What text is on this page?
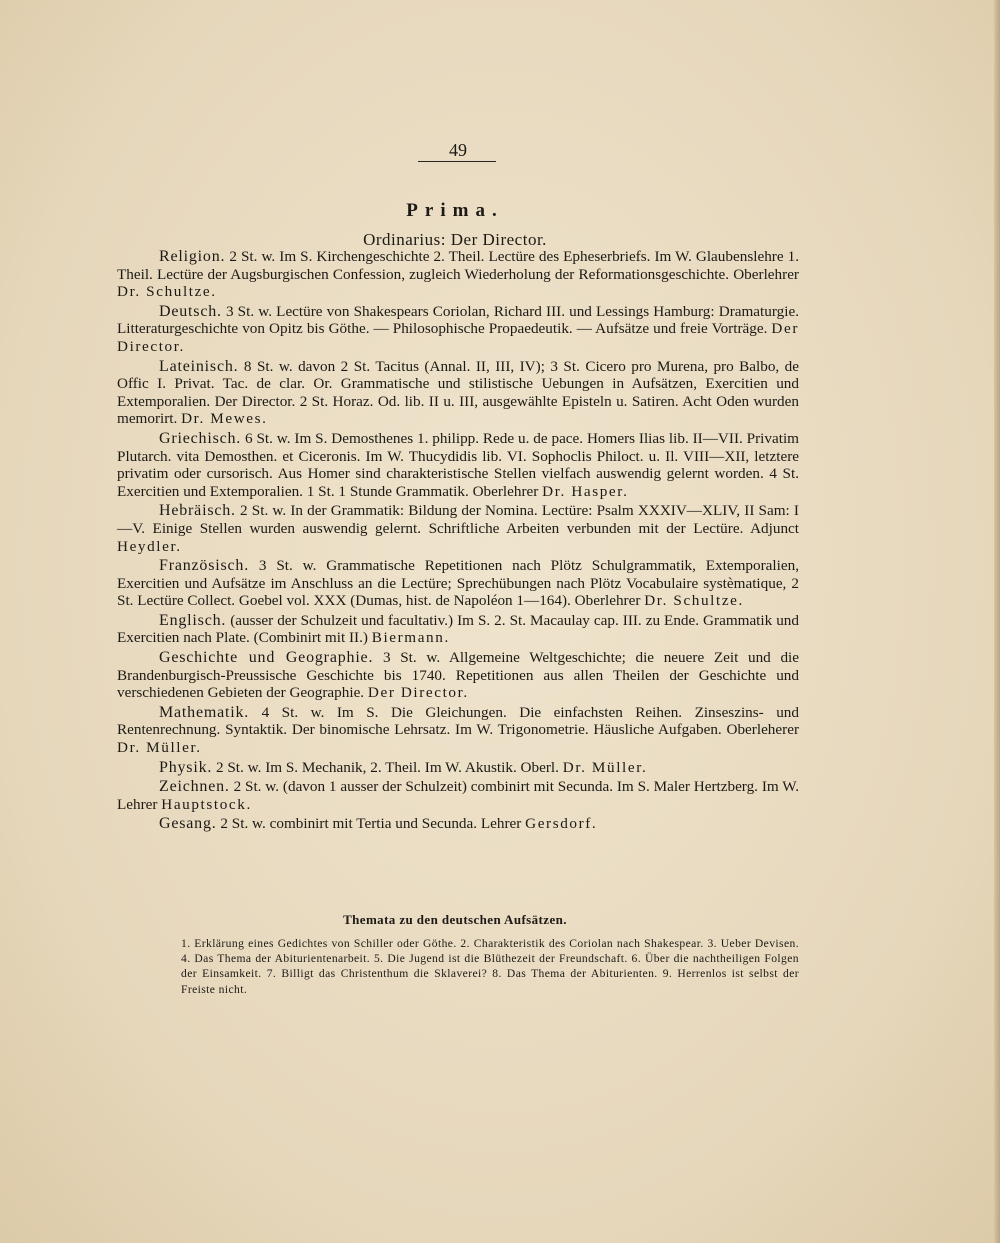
49
Prima.
Ordinarius: Der Director.

Religion. 2 St. w. Im S. Kirchengeschichte 2. Theil. Lectüre des Epheserbriefs. Im W. Glaubenslehre 1. Theil. Lectüre der Augsburgischen Confession, zugleich Wiederholung der Reformationsgeschichte. Oberlehrer Dr. Schultze.

Deutsch. 3 St. w. Lectüre von Shakespears Coriolan, Richard III. und Lessings Hamburg: Dramaturgie. Litteraturgeschichte von Opitz bis Göthe. — Philosophische Propaedeutik. — Aufsätze und freie Vorträge. Der Director.

Lateinisch. 8 St. w. davon 2 St. Tacitus (Annal. II, III, IV); 3 St. Cicero pro Murena, pro Balbo, de Offic I. Privat. Tac. de clar. Or. Grammatische und stilistische Uebungen in Aufsätzen, Exercitien und Extemporalien. Der Director. 2 St. Horaz. Od. lib. II u. III, ausgewählte Episteln u. Satiren. Acht Oden wurden memorirt. Dr. Mewes.

Griechisch. 6 St. w. Im S. Demosthenes 1. philipp. Rede u. de pace. Homers Ilias lib. II—VII. Privatim Plutarch. vita Demosthen. et Ciceronis. Im W. Thucydidis lib. VI. Sophoclis Philoct. u. Il. VIII—XII, letztere privatim oder cursorisch. Aus Homer sind charakteristische Stellen vielfach auswendig gelernt worden. 4 St. Exercitien und Extemporalien. 1 St. 1 Stunde Grammatik. Oberlehrer Dr. Hasper.

Hebräisch. 2 St. w. In der Grammatik: Bildung der Nomina. Lectüre: Psalm XXXIV—XLIV, II Sam: I—V. Einige Stellen wurden auswendig gelernt. Schriftliche Arbeiten verbunden mit der Lectüre. Adjunct Heydler.

Französisch. 3 St. w. Grammatische Repetitionen nach Plötz Schulgrammatik, Extemporalien, Exercitien und Aufsätze im Anschluss an die Lectüre; Sprechübungen nach Plötz Vocabulaire systèmatique, 2 St. Lectüre Collect. Goebel vol. XXX (Dumas, hist. de Napoléon 1—164). Oberlehrer Dr. Schultze.

Englisch. (ausser der Schulzeit und facultativ.) Im S. 2. St. Macaulay cap. III. zu Ende. Grammatik und Exercitien nach Plate. (Combinirt mit II.) Biermann.

Geschichte und Geographie. 3 St. w. Allgemeine Weltgeschichte; die neuere Zeit und die Brandenburgisch-Preussische Geschichte bis 1740. Repetitionen aus allen Theilen der Geschichte und verschiedenen Gebieten der Geographie. Der Director.

Mathematik. 4 St. w. Im S. Die Gleichungen. Die einfachsten Reihen. Zinseszins- und Rentenrechnung. Syntaktik. Der binomische Lehrsatz. Im W. Trigonometrie. Häusliche Aufgaben. Oberleherer Dr. Müller.

Physik. 2 St. w. Im S. Mechanik, 2. Theil. Im W. Akustik. Oberl. Dr. Müller.

Zeichnen. 2 St. w. (davon 1 ausser der Schulzeit) combinirt mit Secunda. Im S. Maler Hertzberg. Im W. Lehrer Hauptstock.

Gesang. 2 St. w. combinirt mit Tertia und Secunda. Lehrer Gersdorf.

Themata zu den deutschen Aufsätzen.
1. Erklärung eines Gedichtes von Schiller oder Göthe. 2. Charakteristik des Coriolan nach Shakespear. 3. Ueber Devisen. 4. Das Thema der Abiturientenarbeit. 5. Die Jugend ist die Blüthezeit der Freundschaft. 6. Über die nachtheiligen Folgen der Einsamkeit. 7. Billigt das Christenthum die Sklaverei? 8. Das Thema der Abiturienten. 9. Herrenlos ist selbst der Freiste nicht.
